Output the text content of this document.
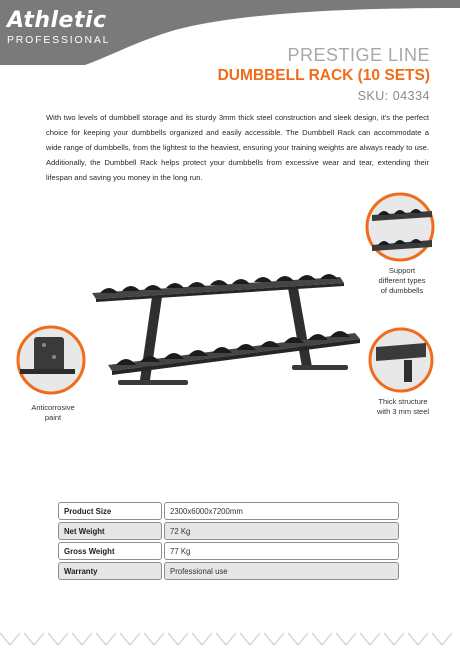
Athletic
PROFESSIONAL
PRESTIGE LINE
DUMBBELL RACK (10 SETS)
SKU: 04334

With two levels of dumbbell storage and its sturdy 3mm thick steel construction and sleek design, it's the perfect choice for keeping your dumbbells organized and easily accessible. The Dumbbell Rack can accommodate a wide range of dumbbells, from the lightest to the heaviest, ensuring your training weights are always ready to use. Additionally, the Dumbbell Rack helps protect your dumbbells from excessive wear and tear, extending their lifespan and saving you money in the long run.

Support
different types
of dumbbells
Anticorrosive
paint
Thick structure
with 3 mm steel
Product Size	2300x6000x7200mm
Net Weight	72 Kg
Gross Weight	77 Kg
Warranty	Professional use
